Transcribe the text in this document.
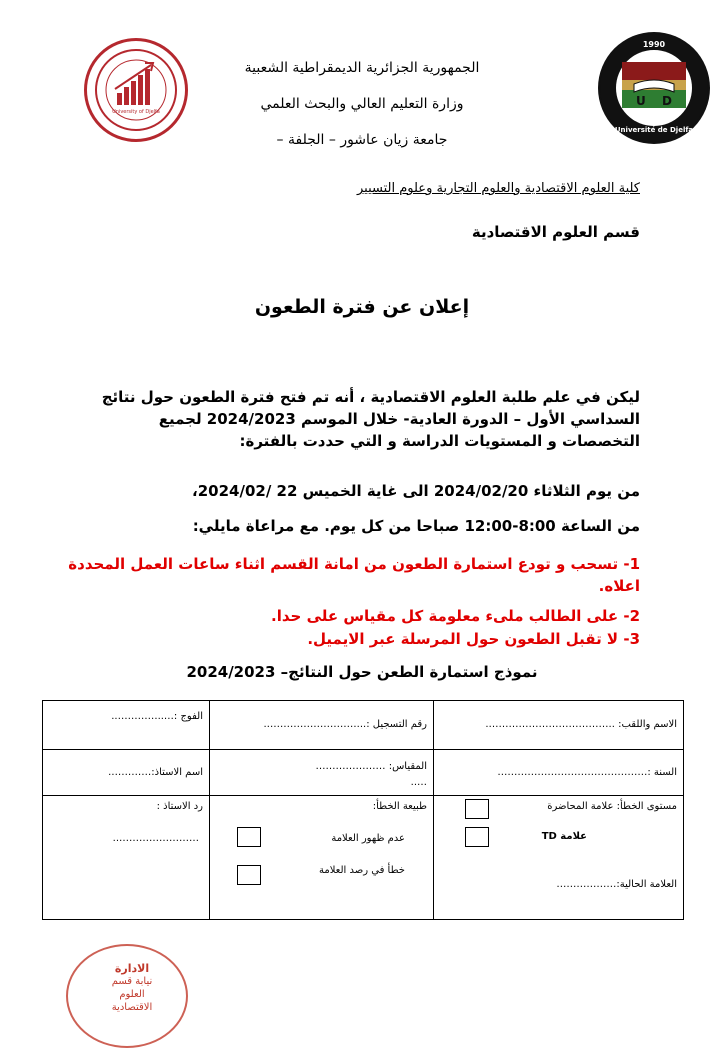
University of Djelfa
1990
U D
Université de Djelfa
الجمهورية الجزائرية الديمقراطية الشعبية
وزارة التعليم العالي والبحث العلمي
جامعة زيان عاشور – الجلفة –
كلية العلوم الاقتصادية والعلوم التجارية وعلوم التسيير
قسم العلوم الاقتصادية
إعلان عن فترة الطعون
ليكن في علم طلبة العلوم الاقتصادية ، أنه تم فتح فترة الطعون حول نتائج السداسي الأول – الدورة العادية- خلال الموسم 2024/2023 لجميع التخصصات و المستويات الدراسة و التي حددت بالفترة:
من يوم الثلاثاء 2024/02/20 الى غاية الخميس 22 /2024/02،
من الساعة 8:00-12:00 صباحا من كل يوم. مع مراعاة مايلي:
1- تسحب و تودع استمارة الطعون من امانة القسم اثناء ساعات العمل المحددة اعلاه.
2- على الطالب ملىء معلومة كل مقياس على حدا.
3- لا تقبل الطعون حول المرسلة عبر الايميل.
نموذج استمارة الطعن حول النتائج– 2024/2023
الاسم واللقب: ..……………………………….
رقم التسجيل :...……………………….
الفوج :…..…………..
السنة :………………………………………
المقياس: …………………
…..
اسم الاستاذ:………….
مستوى الخطأ: علامة المحاضرة
علامة TD
العلامة الحالية:………………
طبيعة الخطأ:
عدم ظهور العلامة
خطأ في رصد العلامة
رد الاستاذ :
……………………..
الادارة
نيابة قسم
العلوم الاقتصادية
